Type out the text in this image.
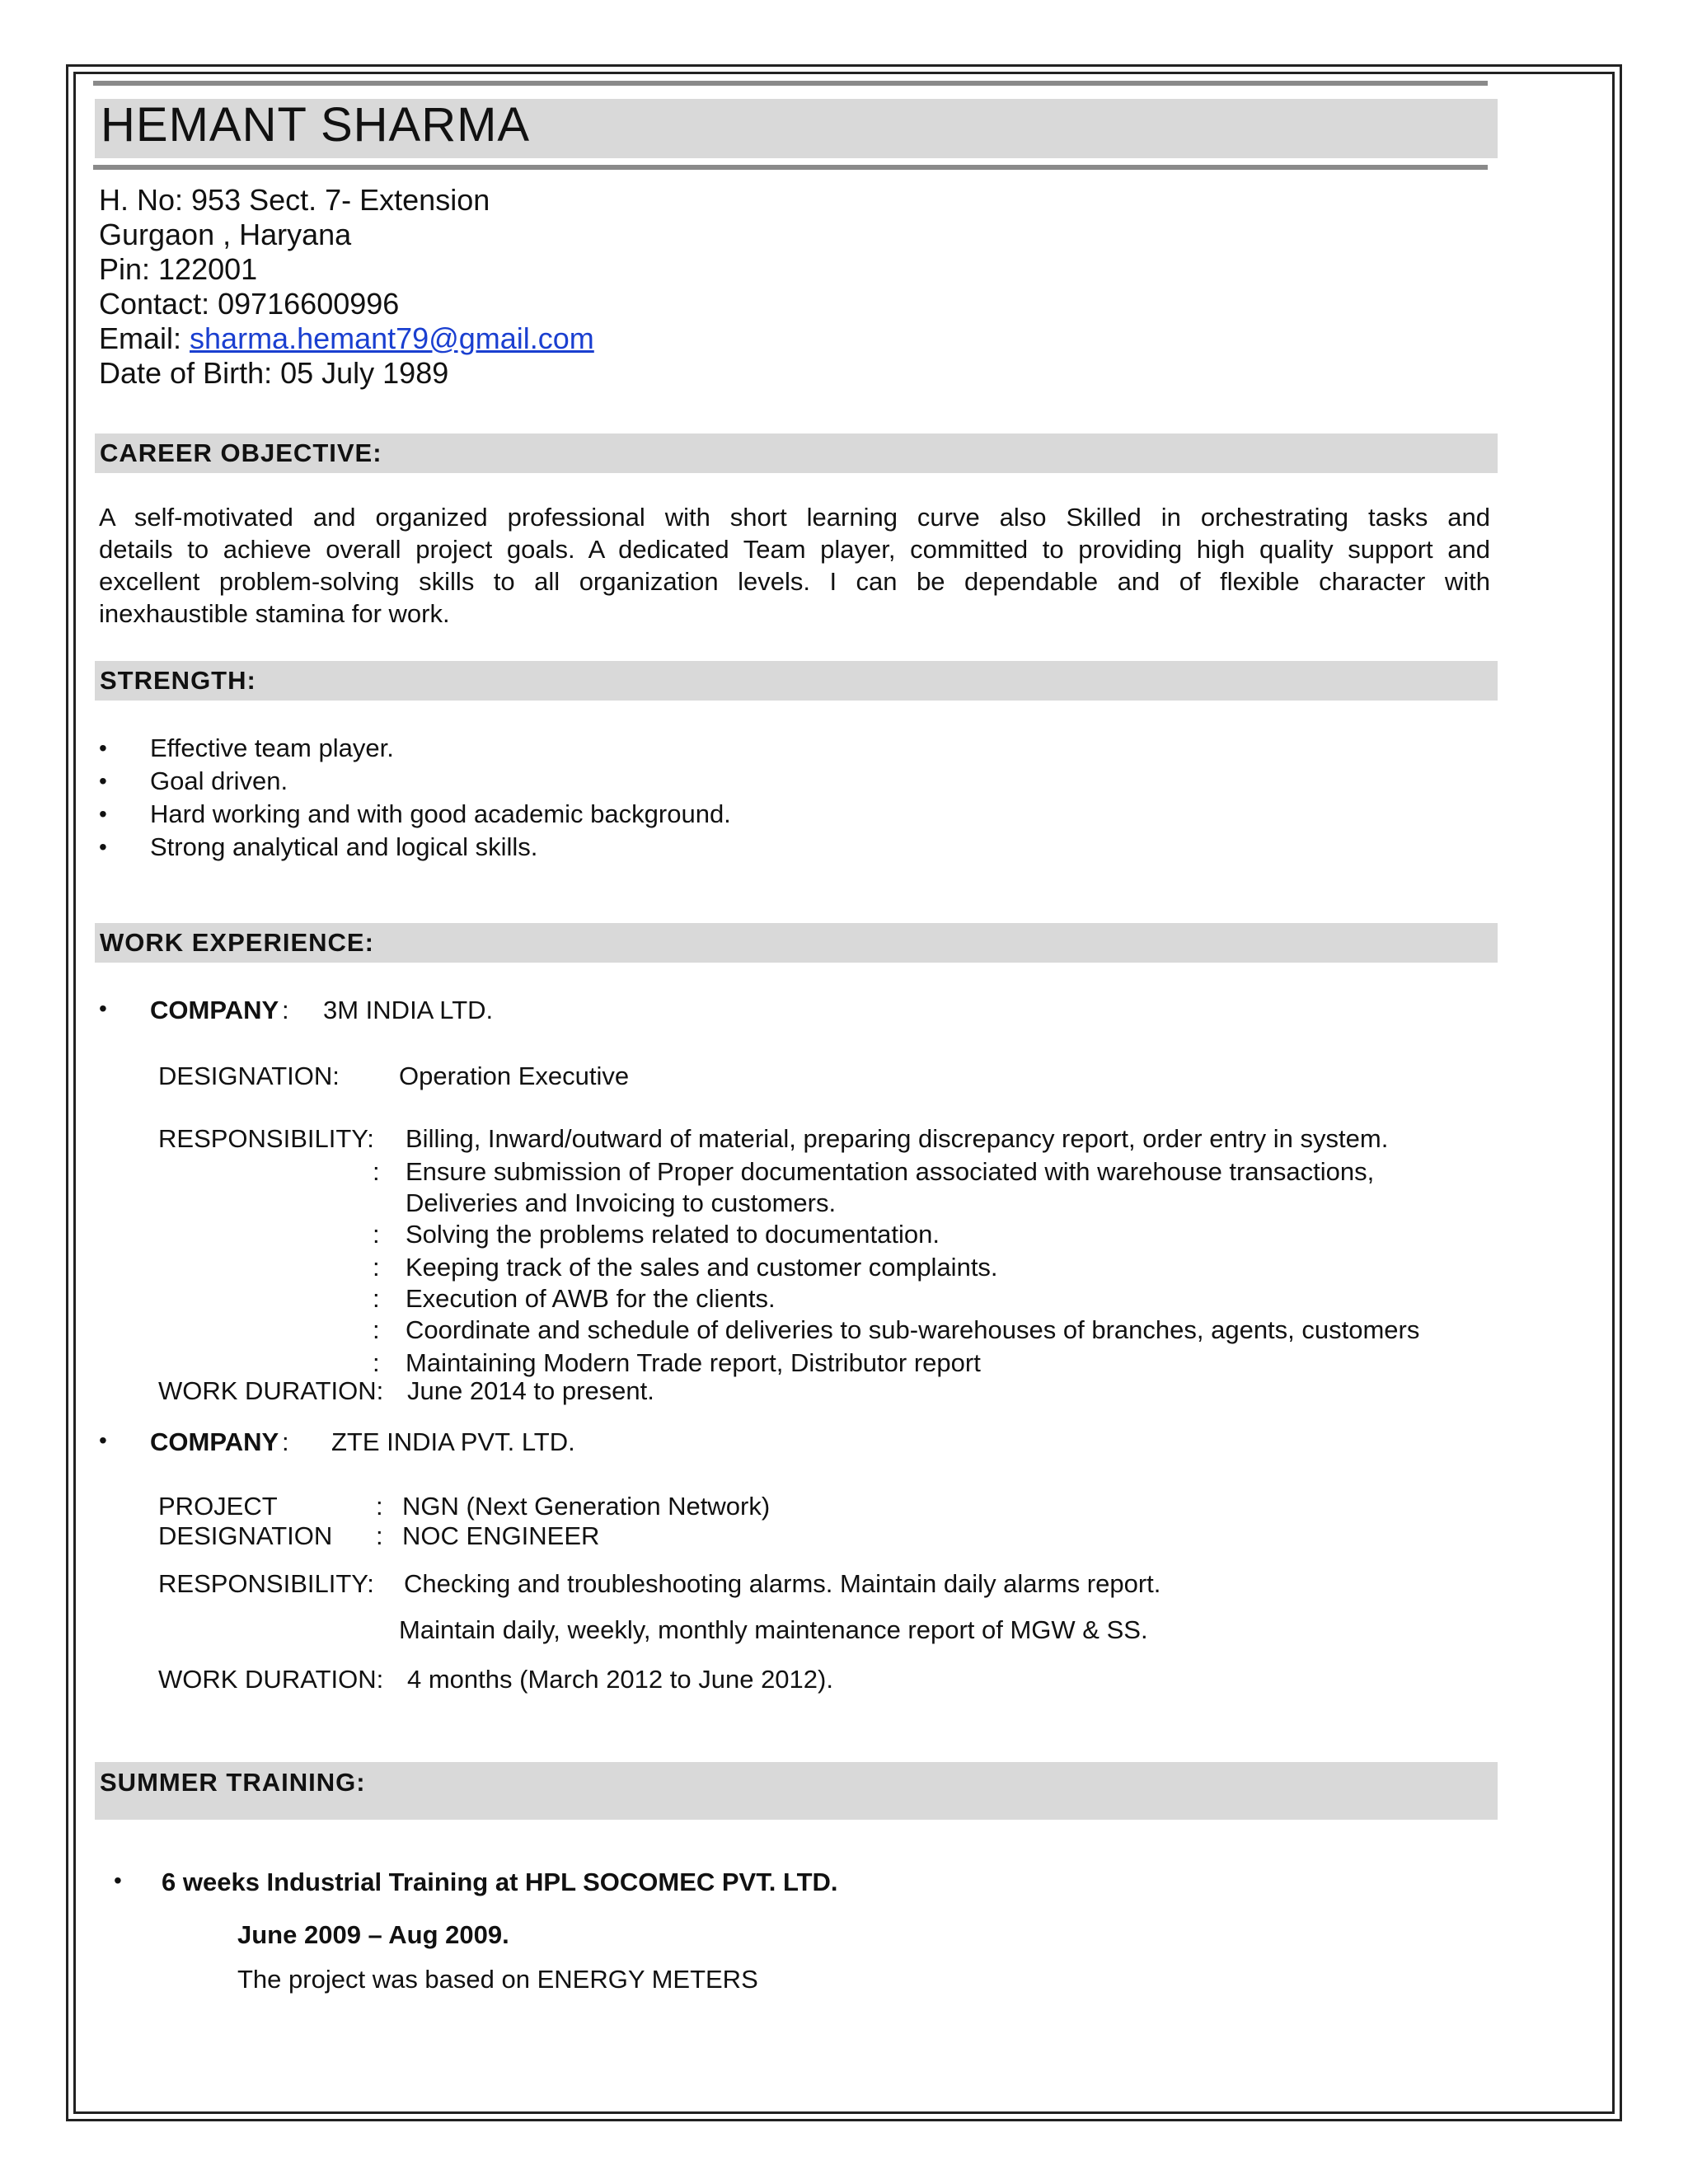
HEMANT SHARMA
H. No: 953 Sect. 7- Extension
Gurgaon , Haryana
Pin: 122001
Contact: 09716600996
Email: sharma.hemant79@gmail.com
Date of Birth: 05 July 1989
CAREER OBJECTIVE:
A self-motivated and organized professional with short learning curve also Skilled in orchestrating tasks and
details to achieve overall project goals. A dedicated Team player, committed to providing high quality support and
excellent problem-solving skills to all organization levels. I can be dependable and of flexible character with
inexhaustible stamina for work.
STRENGTH:
• Effective team player.
• Goal driven.
• Hard working and with good academic background.
• Strong analytical and logical skills.
WORK EXPERIENCE:
• COMPANY : 3M INDIA LTD.
DESIGNATION: Operation Executive
RESPONSIBILITY: Billing, Inward/outward of material, preparing discrepancy report, order entry in system.
: Ensure submission of Proper documentation associated with warehouse transactions,
Deliveries and Invoicing to customers.
: Solving the problems related to documentation.
: Keeping track of the sales and customer complaints.
: Execution of AWB for the clients.
: Coordinate and schedule of deliveries to sub-warehouses of branches, agents, customers
: Maintaining Modern Trade report, Distributor report
WORK DURATION: June 2014 to present.
• COMPANY : ZTE INDIA PVT. LTD.
PROJECT	: NGN (Next Generation Network)
DESIGNATION : NOC ENGINEER
RESPONSIBILITY: Checking and troubleshooting alarms. Maintain daily alarms report.
Maintain daily, weekly, monthly maintenance report of MGW & SS.
WORK DURATION: 4 months (March 2012 to June 2012).
SUMMER TRAINING:
• 6 weeks Industrial Training at HPL SOCOMEC PVT. LTD.
June 2009 – Aug 2009.
The project was based on ENERGY METERS
